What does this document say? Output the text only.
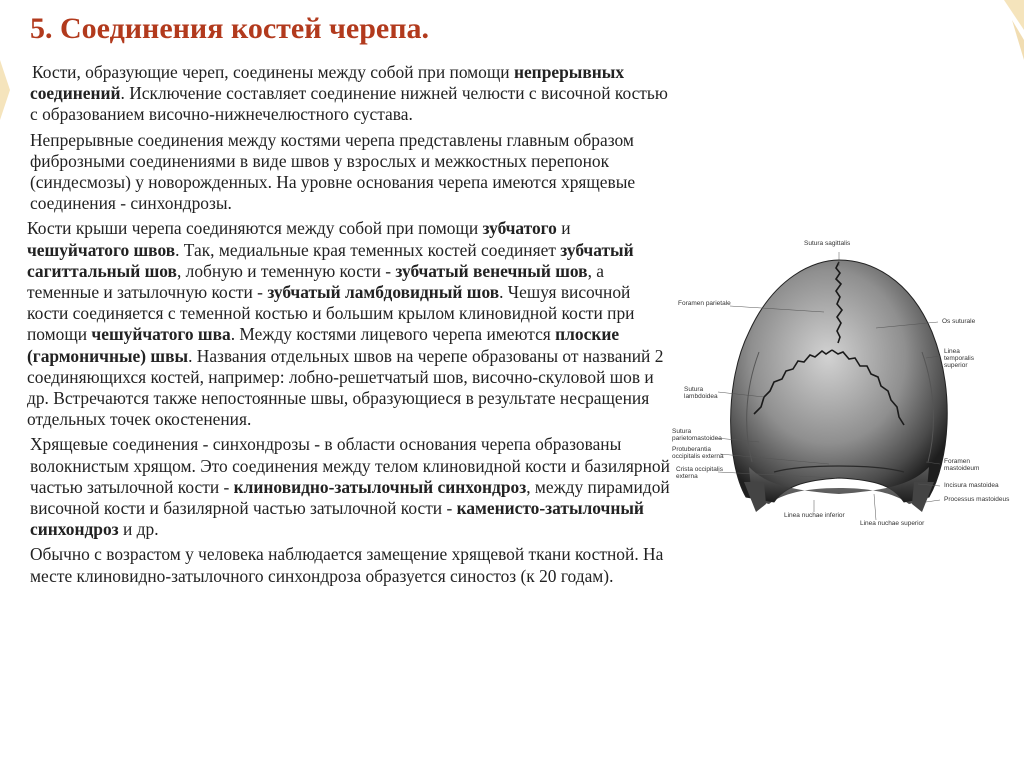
5. Соединения костей черепа.

Кости, образующие череп, соединены между собой при помощи непрерывных соединений. Исключение составляет соединение нижней челюсти с височной костью с образованием височно-нижнечелюстного сустава.

Непрерывные соединения между костями черепа представлены главным образом фиброзными соединениями в виде швов у взрослых и межкостных перепонок (синдесмозы) у новорожденных. На уровне основания черепа имеются хрящевые соединения - синхондрозы.

Кости крыши черепа соединяются между собой при помощи зубчатого и чешуйчатого швов. Так, медиальные края теменных костей соединяет зубчатый сагиттальный шов, лобную и теменную кости - зубчатый венечный шов, а теменные и затылочную кости - зубчатый ламбдовидный шов. Чешуя височной кости соединяется с теменной костью и большим крылом клиновидной кости при помощи чешуйчатого шва. Между костями лицевого черепа имеются плоские (гармоничные) швы. Названия отдельных швов на черепе образованы от названий 2 соединяющихся костей, например: лобно-решетчатый шов, височно-скуловой шов и др. Встречаются также непостоянные швы, образующиеся в результате несращения отдельных точек окостенения.

Хрящевые соединения - синхондрозы - в области основания черепа образованы волокнистым хрящом. Это соединения между телом клиновидной кости и базилярной частью затылочной кости - клиновидно-затылочный синхондроз, между пирамидой височной кости и базилярной частью затылочной кости - каменисто-затылочный синхондроз и др.

Обычно с возрастом у человека наблюдается замещение хрящевой ткани костной. На месте клиновидно-затылочного синхондроза образуется синостоз (к 20 годам).

Sutura sagittalis
Foramen parietale
Os suturale
Linea
temporalis
superior
Sutura
lambdoidea
Sutura
parietomastoidea
Protuberantia
occipitalis externa
Crista occipitalis
externa
Foramen
mastoideum
Incisura mastoidea
Processus mastoideus
Linea nuchae inferior
Linea nuchae superior
